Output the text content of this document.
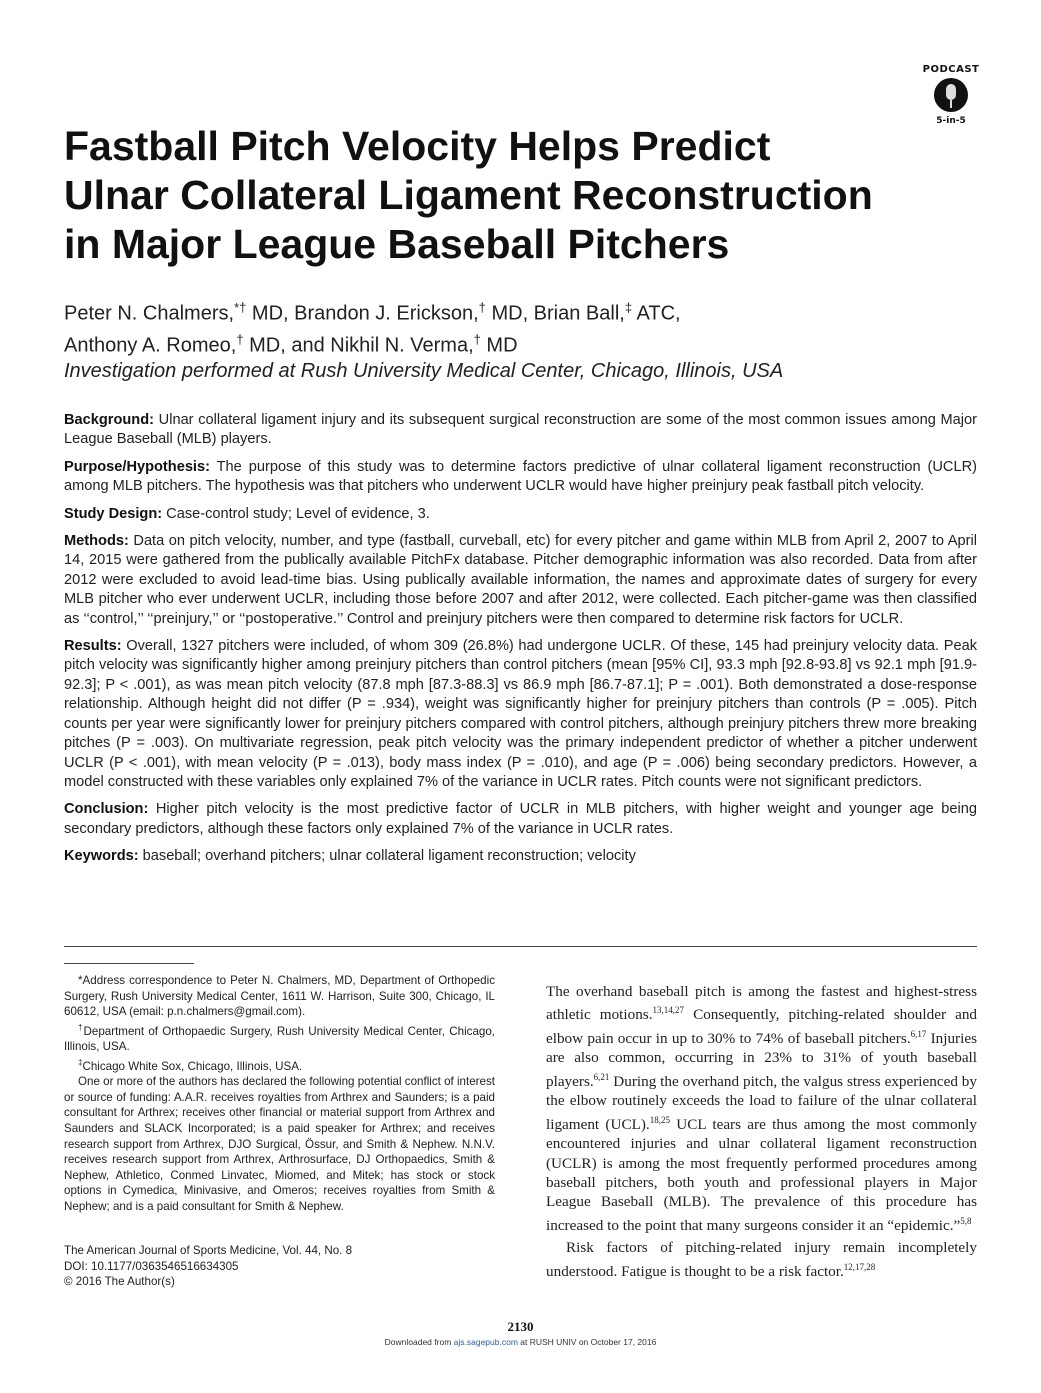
PODCAST
5-in-5
Fastball Pitch Velocity Helps Predict
Ulnar Collateral Ligament Reconstruction
in Major League Baseball Pitchers
Peter N. Chalmers,*† MD, Brandon J. Erickson,† MD, Brian Ball,‡ ATC,
Anthony A. Romeo,† MD, and Nikhil N. Verma,† MD
Investigation performed at Rush University Medical Center, Chicago, Illinois, USA

Background: Ulnar collateral ligament injury and its subsequent surgical reconstruction are some of the most common issues among Major League Baseball (MLB) players.

Purpose/Hypothesis: The purpose of this study was to determine factors predictive of ulnar collateral ligament reconstruction (UCLR) among MLB pitchers. The hypothesis was that pitchers who underwent UCLR would have higher preinjury peak fastball pitch velocity.

Study Design: Case-control study; Level of evidence, 3.

Methods: Data on pitch velocity, number, and type (fastball, curveball, etc) for every pitcher and game within MLB from April 2, 2007 to April 14, 2015 were gathered from the publically available PitchFx database. Pitcher demographic information was also recorded. Data from after 2012 were excluded to avoid lead-time bias. Using publically available information, the names and approximate dates of surgery for every MLB pitcher who ever underwent UCLR, including those before 2007 and after 2012, were collected. Each pitcher-game was then classified as ‘‘control,’’ ‘‘preinjury,’’ or ‘‘postoperative.’’ Control and preinjury pitchers were then compared to determine risk factors for UCLR.

Results: Overall, 1327 pitchers were included, of whom 309 (26.8%) had undergone UCLR. Of these, 145 had preinjury velocity data. Peak pitch velocity was significantly higher among preinjury pitchers than control pitchers (mean [95% CI], 93.3 mph [92.8-93.8] vs 92.1 mph [91.9-92.3]; P < .001), as was mean pitch velocity (87.8 mph [87.3-88.3] vs 86.9 mph [86.7-87.1]; P = .001). Both demonstrated a dose-response relationship. Although height did not differ (P = .934), weight was significantly higher for preinjury pitchers than controls (P = .005). Pitch counts per year were significantly lower for preinjury pitchers compared with control pitchers, although preinjury pitchers threw more breaking pitches (P = .003). On multivariate regression, peak pitch velocity was the primary independent predictor of whether a pitcher underwent UCLR (P < .001), with mean velocity (P = .013), body mass index (P = .010), and age (P = .006) being secondary predictors. However, a model constructed with these variables only explained 7% of the variance in UCLR rates. Pitch counts were not significant predictors.

Conclusion: Higher pitch velocity is the most predictive factor of UCLR in MLB pitchers, with higher weight and younger age being secondary predictors, although these factors only explained 7% of the variance in UCLR rates.

Keywords: baseball; overhand pitchers; ulnar collateral ligament reconstruction; velocity

*Address correspondence to Peter N. Chalmers, MD, Department of Orthopedic Surgery, Rush University Medical Center, 1611 W. Harrison, Suite 300, Chicago, IL 60612, USA (email: p.n.chalmers@gmail.com).

†Department of Orthopaedic Surgery, Rush University Medical Center, Chicago, Illinois, USA.

‡Chicago White Sox, Chicago, Illinois, USA.

One or more of the authors has declared the following potential conflict of interest or source of funding: A.A.R. receives royalties from Arthrex and Saunders; is a paid consultant for Arthrex; receives other financial or material support from Arthrex and Saunders and SLACK Incorporated; is a paid speaker for Arthrex; and receives research support from Arthrex, DJO Surgical, Össur, and Smith & Nephew. N.N.V. receives research support from Arthrex, Arthrosurface, DJ Orthopaedics, Smith & Nephew, Athletico, Conmed Linvatec, Miomed, and Mitek; has stock or stock options in Cymedica, Minivasive, and Omeros; receives royalties from Smith & Nephew; and is a paid consultant for Smith & Nephew.

The American Journal of Sports Medicine, Vol. 44, No. 8
DOI: 10.1177/0363546516634305
© 2016 The Author(s)

The overhand baseball pitch is among the fastest and highest-stress athletic motions.$^{13,14,27}$ Consequently, pitching-related shoulder and elbow pain occur in up to 30% to 74% of baseball pitchers.$^{6,17}$ Injuries are also common, occurring in 23% to 31% of youth baseball players.$^{6,21}$ During the overhand pitch, the valgus stress experienced by the elbow routinely exceeds the load to failure of the ulnar collateral ligament (UCL).$^{18,25}$ UCL tears are thus among the most commonly encountered injuries and ulnar collateral ligament reconstruction (UCLR) is among the most frequently performed procedures among baseball pitchers, both youth and professional players in Major League Baseball (MLB). The prevalence of this procedure has increased to the point that many surgeons consider it an “epidemic.”$^{5,8}$

Risk factors of pitching-related injury remain incompletely understood. Fatigue is thought to be a risk factor.$^{12,17,28}$

2130
Downloaded from ajs.sagepub.com at RUSH UNIV on October 17, 2016
